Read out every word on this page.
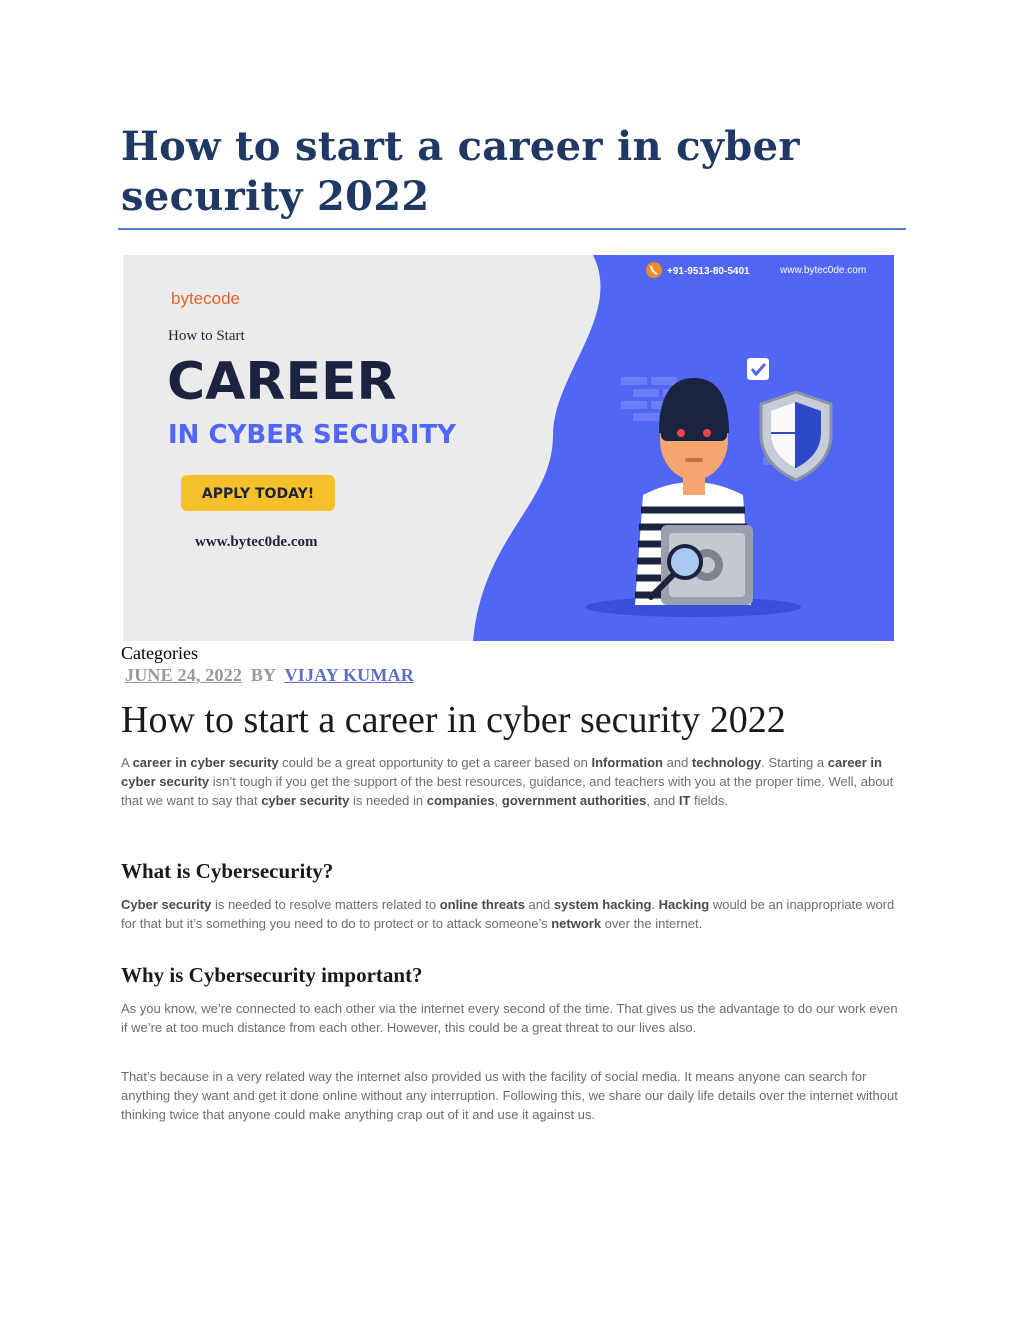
How to start a career in cyber security 2022
+91-9513-80-5401	www.bytec0de.com
bytecode
How to Start
CAREER
IN CYBER SECURITY
APPLY TODAY!
www.bytec0de.com
Categories
JUNE 24, 2022 BY VIJAY KUMAR
How to start a career in cyber security 2022

A career in cyber security could be a great opportunity to get a career based on Information and technology. Starting a career in cyber security isn’t tough if you get the support of the best resources, guidance, and teachers with you at the proper time. Well, about that we want to say that cyber security is needed in companies, government authorities, and IT fields.

What is Cybersecurity?

Cyber security is needed to resolve matters related to online threats and system hacking. Hacking would be an inappropriate word for that but it’s something you need to do to protect or to attack someone’s network over the internet.

Why is Cybersecurity important?

As you know, we’re connected to each other via the internet every second of the time. That gives us the advantage to do our work even if we’re at too much distance from each other. However, this could be a great threat to our lives also.

That’s because in a very related way the internet also provided us with the facility of social media. It means anyone can search for anything they want and get it done online without any interruption. Following this, we share our daily life details over the internet without thinking twice that anyone could make anything crap out of it and use it against us.
